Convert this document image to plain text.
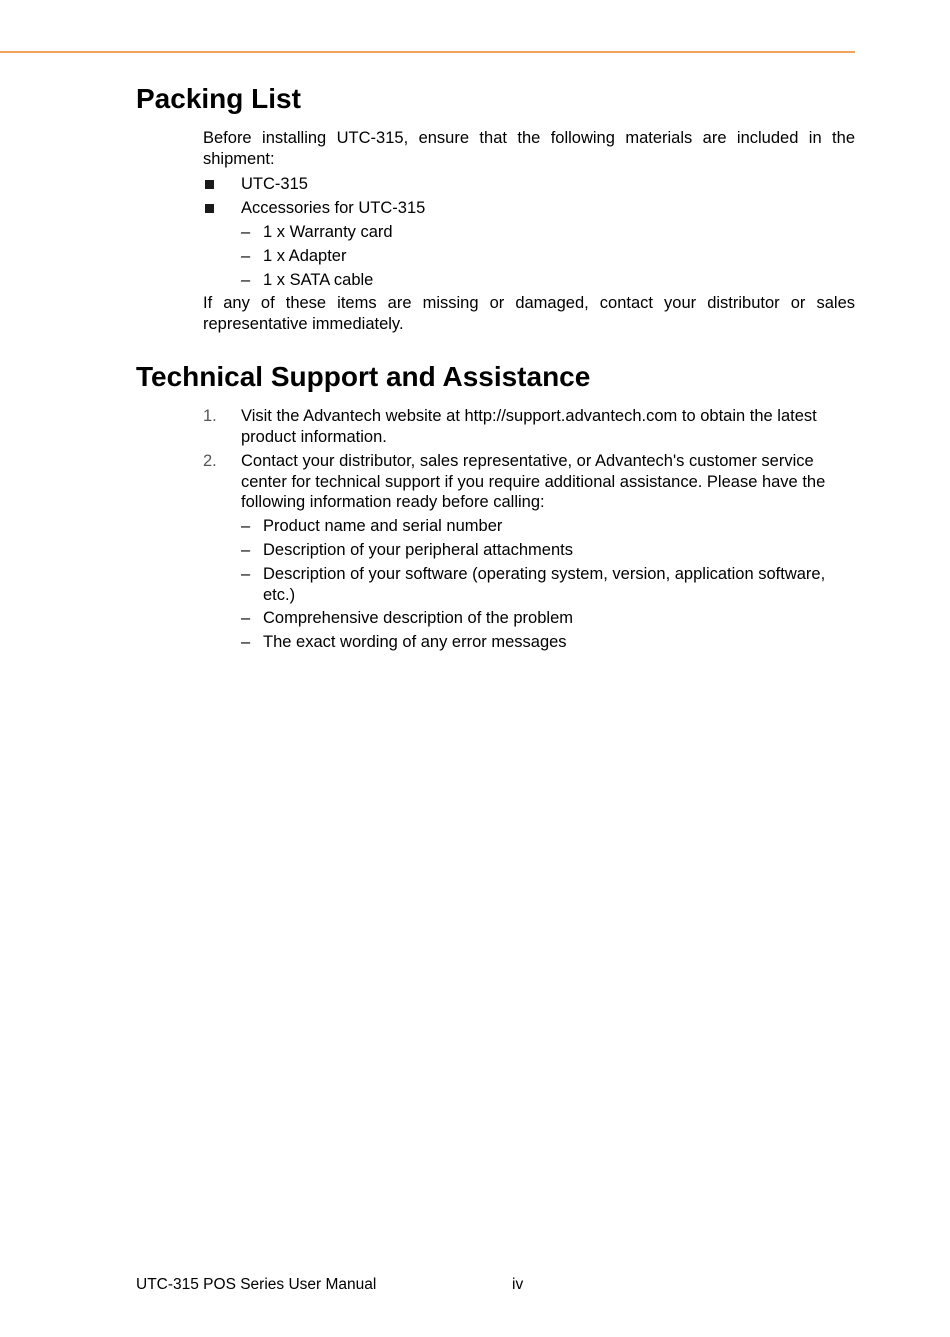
Packing List

Before installing UTC-315, ensure that the following materials are included in the shipment:

UTC-315
Accessories for UTC-315
– 1 x Warranty card
– 1 x Adapter
– 1 x SATA cable

If any of these items are missing or damaged, contact your distributor or sales representative immediately.

Technical Support and Assistance
1. Visit the Advantech website at http://support.advantech.com to obtain the latest product information.
2. Contact your distributor, sales representative, or Advantech's customer service center for technical support if you require additional assistance. Please have the following information ready before calling:
– Product name and serial number
– Description of your peripheral attachments
– Description of your software (operating system, version, application software, etc.)
– Comprehensive description of the problem
– The exact wording of any error messages
UTC-315 POS Series User Manual	iv
